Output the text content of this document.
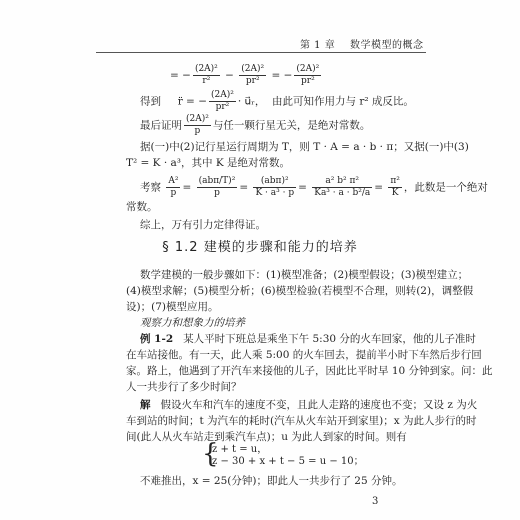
第 1 章 数学模型的概念
= − $\frac{\text{(2A)²}}{\text{r²}} - \frac{\text{(2A)²}}{\text{pr²}}$ = − $\frac{\text{(2A)²}}{\text{pr²}}$
得到 r̈ = − $\frac{\text{(2A)²}}{\text{pr²}}$ · u⃗ᵣ， 由此可知作用力与 r² 成反比。
最后证明 $\frac{\text{(2A)²}}{p}$ 与任一颗行星无关，是绝对常数。
据(一)中(2)记行星运行周期为 T，则 T · A = a · b · π；又据(一)中(3)
T² = K · a³，其中 K 是绝对常数。
考察 $\frac{\text{A²}}{p} = \frac{\text{(abπ/T)²}}{p} = \frac{\text{(abπ)²}}{\text{K · a³ · p}} = \frac{\text{a² b² π²}}{\text{Ka³ · a · b²/a}} = \frac{\text{π²}}{K}$ ，此数是一个绝对
常数。
综上，万有引力定律得证。
§ 1.2 建模的步骤和能力的培养
数学建模的一般步骤如下：(1)模型准备；(2)模型假设；(3)模型建立；
(4)模型求解；(5)模型分析；(6)模型检验(若模型不合理，则转(2)，调整假
设)；(7)模型应用。
观察力和想象力的培养
例 1-2 某人平时下班总是乘坐下午 5:30 分的火车回家，他的儿子准时
在车站接他。有一天，此人乘 5:00 的火车回去，提前半小时下车然后步行回
家。路上，他遇到了开汽车来接他的儿子，因此比平时早 10 分钟到家。问：此
人一共步行了多少时间？
解 假设火车和汽车的速度不变，且此人走路的速度也不变；又设 z 为火
车到站的时间；t 为汽车的耗时(汽车从火车站开到家里)；x 为此人步行的时
间(此人从火车站走到乘汽车点)；u 为此人到家的时间。则有
{
z + t = u，
z − 30 + x + t − 5 = u − 10；
不难推出，x = 25(分钟)；即此人一共步行了 25 分钟。
3
